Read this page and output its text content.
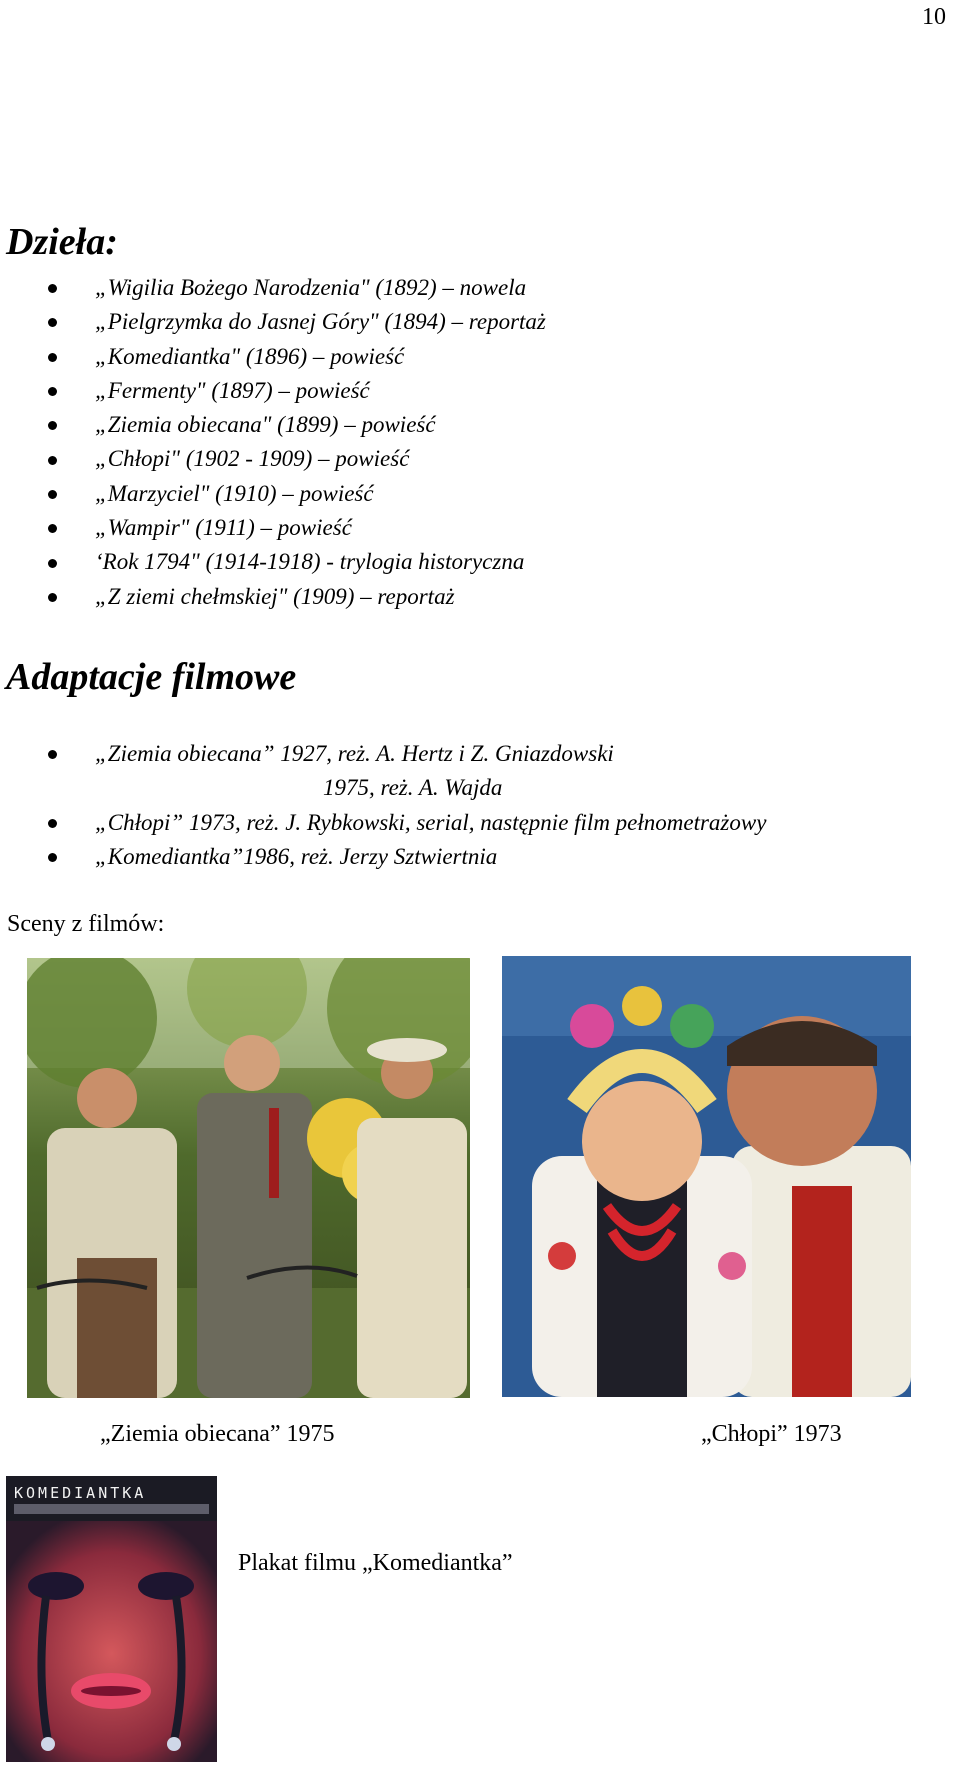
10
Dzieła:
„Wigilia Bożego Narodzenia" (1892) – nowela
„Pielgrzymka do Jasnej Góry" (1894) – reportaż
„Komediantka" (1896) – powieść
„Fermenty" (1897) – powieść
„Ziemia obiecana" (1899) – powieść
„Chłopi" (1902 - 1909) – powieść
„Marzyciel" (1910) – powieść
„Wampir" (1911) – powieść
‘Rok 1794" (1914-1918) - trylogia historyczna
„Z ziemi chełmskiej" (1909) – reportaż
Adaptacje filmowe
„Ziemia obiecana” 1927, reż. A. Hertz i Z. Gniazdowski
1975, reż. A. Wajda
„Chłopi” 1973, reż. J. Rybkowski, serial, następnie film pełnometrażowy
„Komediantka”1986, reż. Jerzy Sztwiertnia
Sceny z filmów:
„Ziemia obiecana” 1975	„Chłopi” 1973
KOMEDIANTKA
Plakat filmu „Komediantka”
